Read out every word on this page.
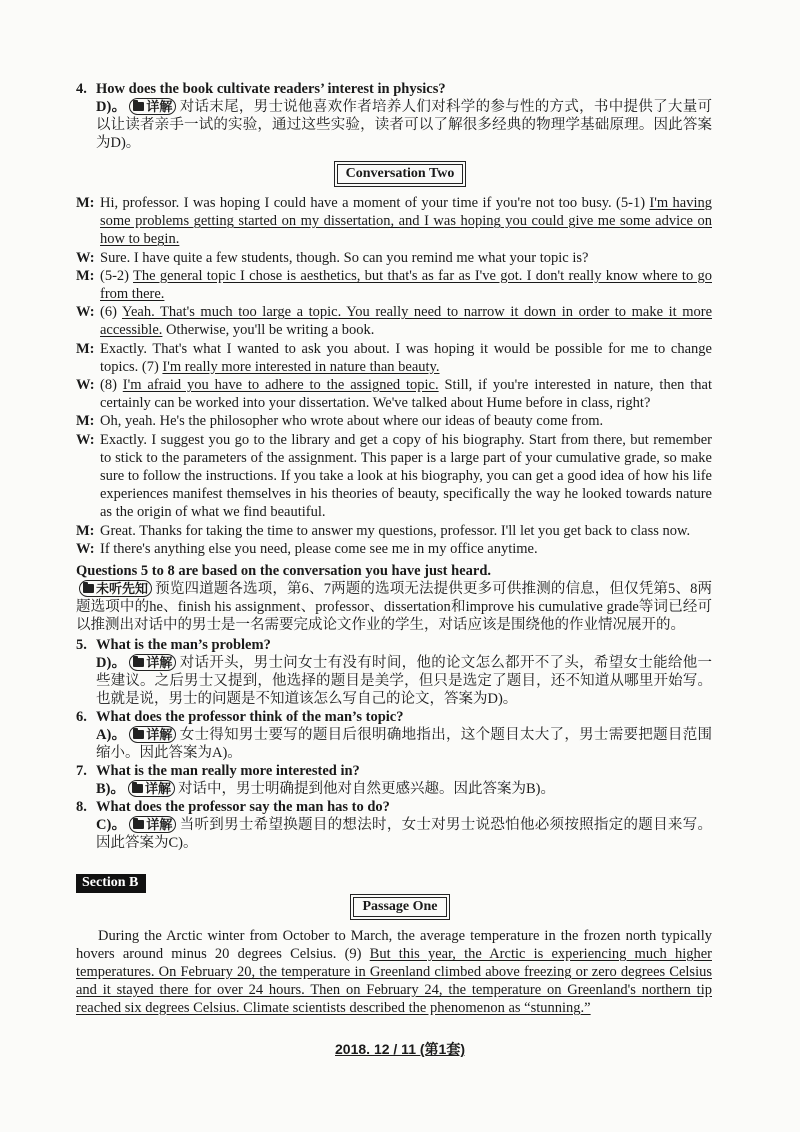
4. How does the book cultivate readers’ interest in physics?
D)。 详解 对话末尾，男士说他喜欢作者培养人们对科学的参与性的方式，书中提供了大量可以让读者亲手一试的实验，通过这些实验，读者可以了解很多经典的物理学基础原理。因此答案为D)。
Conversation Two
M: Hi, professor. I was hoping I could have a moment of your time if you're not too busy. (5-1) I'm having some problems getting started on my dissertation, and I was hoping you could give me some advice on how to begin.
W: Sure. I have quite a few students, though. So can you remind me what your topic is?
M: (5-2) The general topic I chose is aesthetics, but that's as far as I've got. I don't really know where to go from there.
W: (6) Yeah. That's much too large a topic. You really need to narrow it down in order to make it more accessible. Otherwise, you'll be writing a book.
M: Exactly. That's what I wanted to ask you about. I was hoping it would be possible for me to change topics. (7) I'm really more interested in nature than beauty.
W: (8) I'm afraid you have to adhere to the assigned topic. Still, if you're interested in nature, then that certainly can be worked into your dissertation. We've talked about Hume before in class, right?
M: Oh, yeah. He's the philosopher who wrote about where our ideas of beauty come from.
W: Exactly. I suggest you go to the library and get a copy of his biography. Start from there, but remember to stick to the parameters of the assignment. This paper is a large part of your cumulative grade, so make sure to follow the instructions. If you take a look at his biography, you can get a good idea of how his life experiences manifest themselves in his theories of beauty, specifically the way he looked towards nature as the origin of what we find beautiful.
M: Great. Thanks for taking the time to answer my questions, professor. I'll let you get back to class now.
W: If there's anything else you need, please come see me in my office anytime.
Questions 5 to 8 are based on the conversation you have just heard.
未听先知 预览四道题各选项，第6、7两题的选项无法提供更多可供推测的信息，但仅凭第5、8两题选项中的he、finish his assignment、professor、dissertation和improve his cumulative grade等词已经可以推测出对话中的男士是一名需要完成论文作业的学生，对话应该是围绕他的作业情况展开的。
5. What is the man’s problem?
D)。 详解 对话开头，男士问女士有没有时间，他的论文怎么都开不了头，希望女士能给他一些建议。之后男士又提到，他选择的题目是美学，但只是选定了题目，还不知道从哪里开始写。也就是说，男士的问题是不知道该怎么写自己的论文，答案为D)。
6. What does the professor think of the man’s topic?
A)。 详解 女士得知男士要写的题目后很明确地指出，这个题目太大了，男士需要把题目范围缩小。因此答案为A)。
7. What is the man really more interested in?
B)。 详解 对话中，男士明确提到他对自然更感兴趣。因此答案为B)。
8. What does the professor say the man has to do?
C)。 详解 当听到男士希望换题目的想法时，女士对男士说恐怕他必须按照指定的题目来写。因此答案为C)。
Section B
Passage One
During the Arctic winter from October to March, the average temperature in the frozen north typically hovers around minus 20 degrees Celsius. (9) But this year, the Arctic is experiencing much higher temperatures. On February 20, the temperature in Greenland climbed above freezing or zero degrees Celsius and it stayed there for over 24 hours. Then on February 24, the temperature on Greenland's northern tip reached six degrees Celsius. Climate scientists described the phenomenon as “stunning.”
2018. 12 / 11 (第1套)
